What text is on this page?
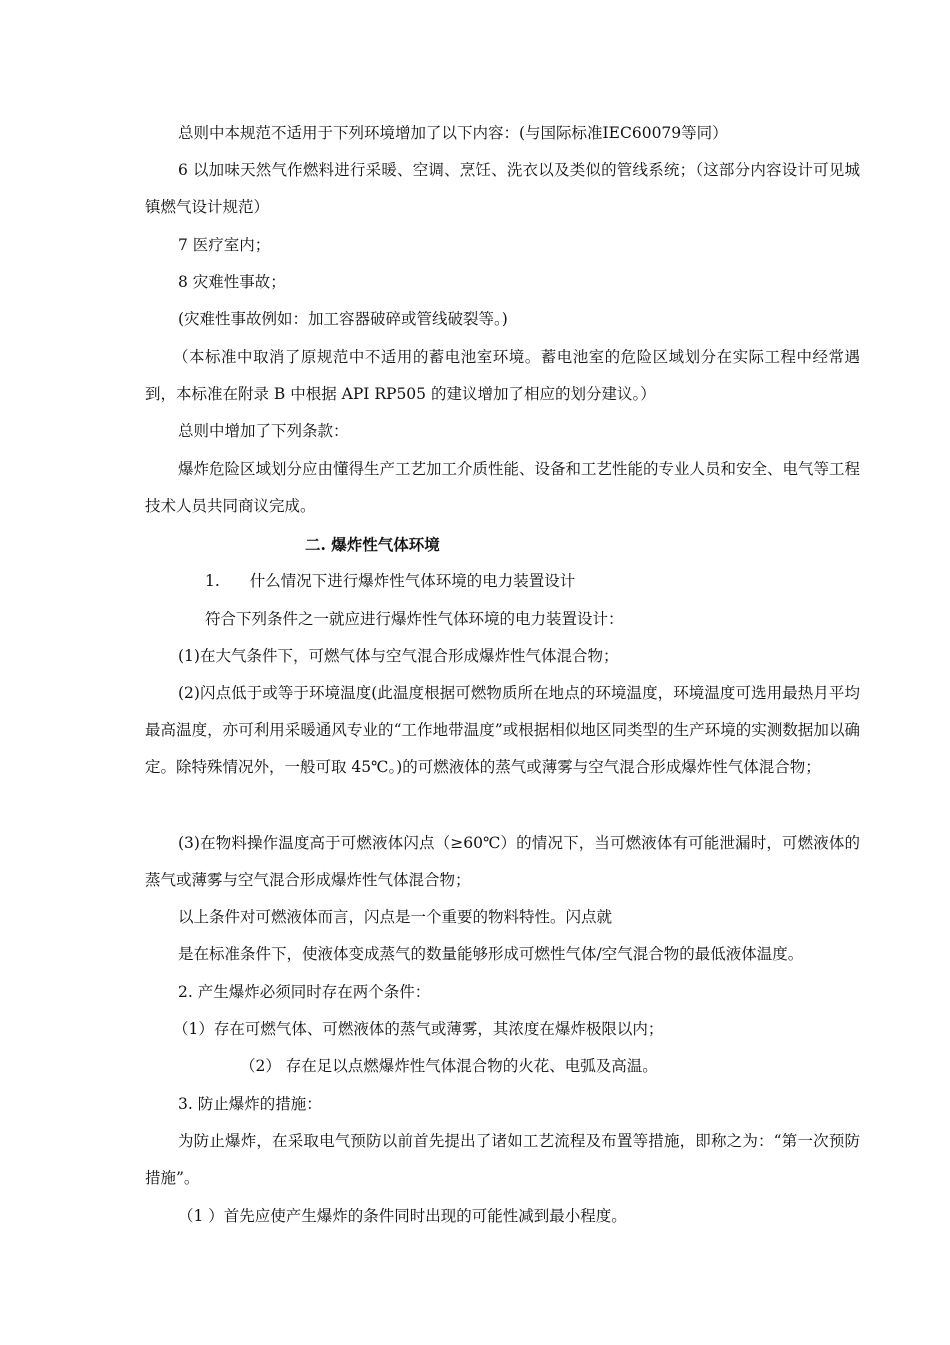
总则中本规范不适用于下列环境增加了以下内容：(与国际标准IEC60079等同）

6 以加味天然气作燃料进行采暖、空调、烹饪、洗衣以及类似的管线系统；（这部分内容设计可见城镇燃气设计规范）

7 医疗室内；

8 灾难性事故；

(灾难性事故例如：加工容器破碎或管线破裂等。)

（本标准中取消了原规范中不适用的蓄电池室环境。蓄电池室的危险区域划分在实际工程中经常遇到，本标准在附录 B 中根据 API RP505 的建议增加了相应的划分建议。）

总则中增加了下列条款：

爆炸危险区域划分应由懂得生产工艺加工介质性能、设备和工艺性能的专业人员和安全、电气等工程技术人员共同商议完成。

二. 爆炸性气体环境

1. 什么情况下进行爆炸性气体环境的电力装置设计

符合下列条件之一就应进行爆炸性气体环境的电力装置设计：

(1)在大气条件下，可燃气体与空气混合形成爆炸性气体混合物；

(2)闪点低于或等于环境温度(此温度根据可燃物质所在地点的环境温度，环境温度可选用最热月平均最高温度，亦可利用采暖通风专业的“工作地带温度”或根据相似地区同类型的生产环境的实测数据加以确定。除特殊情况外，一般可取 45℃。)的可燃液体的蒸气或薄雾与空气混合形成爆炸性气体混合物；

(3)在物料操作温度高于可燃液体闪点（≥60℃）的情况下，当可燃液体有可能泄漏时，可燃液体的蒸气或薄雾与空气混合形成爆炸性气体混合物；

以上条件对可燃液体而言，闪点是一个重要的物料特性。闪点就

是在标准条件下，使液体变成蒸气的数量能够形成可燃性气体/空气混合物的最低液体温度。

2. 产生爆炸必须同时存在两个条件：

（1）存在可燃气体、可燃液体的蒸气或薄雾，其浓度在爆炸极限以内；

（2） 存在足以点燃爆炸性气体混合物的火花、电弧及高温。

3. 防止爆炸的措施：

为防止爆炸，在采取电气预防以前首先提出了诸如工艺流程及布置等措施，即称之为：“第一次预防措施”。

（1 ）首先应使产生爆炸的条件同时出现的可能性减到最小程度。
